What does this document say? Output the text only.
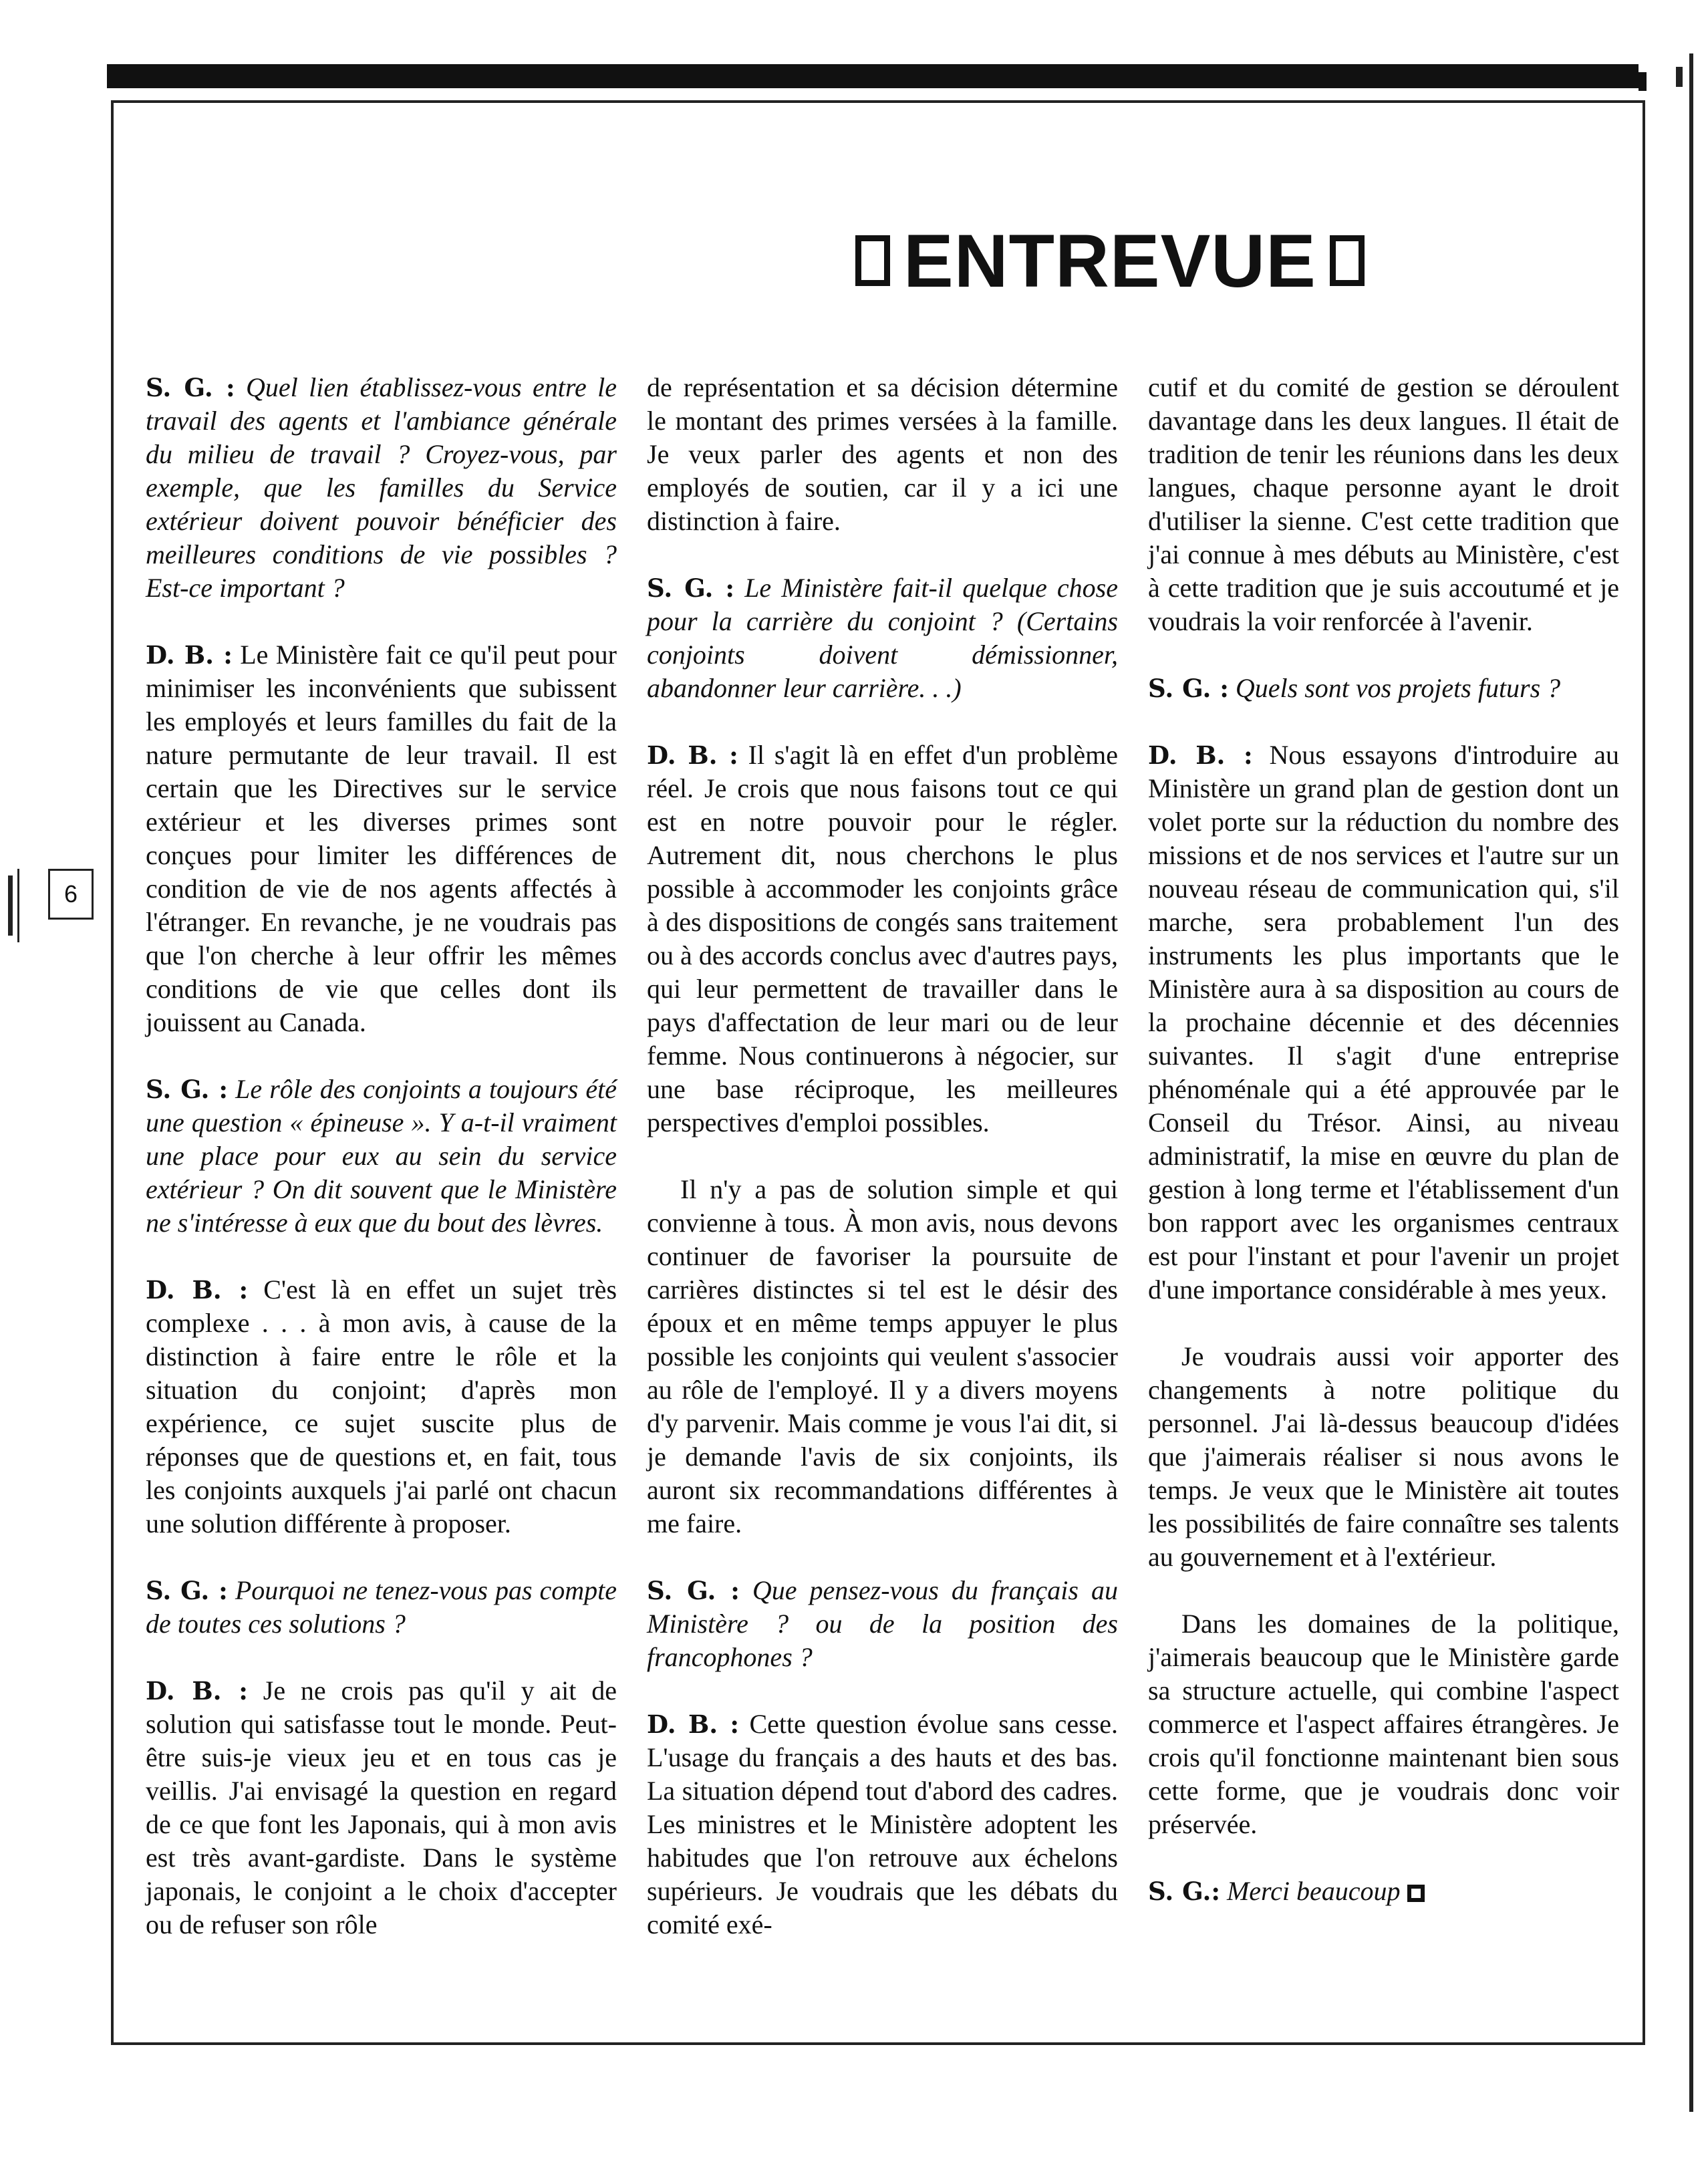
6
ENTREVUE

S. G. : Quel lien établissez-vous entre le travail des agents et l'ambiance générale du milieu de travail ? Croyez-vous, par exemple, que les familles du Service extérieur doivent pouvoir bénéficier des meilleures conditions de vie possibles ? Est-ce important ?

D. B. : Le Ministère fait ce qu'il peut pour minimiser les inconvénients que subissent les employés et leurs familles du fait de la nature permutante de leur travail. Il est certain que les Directives sur le service extérieur et les diverses primes sont conçues pour limiter les différences de condition de vie de nos agents affectés à l'étranger. En revanche, je ne voudrais pas que l'on cherche à leur offrir les mêmes conditions de vie que celles dont ils jouissent au Canada.

S. G. : Le rôle des conjoints a toujours été une question « épineuse ». Y a-t-il vraiment une place pour eux au sein du service extérieur ? On dit souvent que le Ministère ne s'intéresse à eux que du bout des lèvres.

D. B. : C'est là en effet un sujet très complexe . . . à mon avis, à cause de la distinction à faire entre le rôle et la situation du conjoint; d'après mon expérience, ce sujet suscite plus de réponses que de questions et, en fait, tous les conjoints auxquels j'ai parlé ont chacun une solution différente à proposer.

S. G. : Pourquoi ne tenez-vous pas compte de toutes ces solutions ?

D. B. : Je ne crois pas qu'il y ait de solution qui satisfasse tout le monde. Peut-être suis-je vieux jeu et en tous cas je veillis. J'ai envisagé la question en regard de ce que font les Japonais, qui à mon avis est très avant-gardiste. Dans le système japonais, le conjoint a le choix d'accepter ou de refuser son rôle

de représentation et sa décision détermine le montant des primes versées à la famille. Je veux parler des agents et non des employés de soutien, car il y a ici une distinction à faire.

S. G. : Le Ministère fait-il quelque chose pour la carrière du conjoint ? (Certains conjoints doivent démissionner, abandonner leur carrière. . .)

D. B. : Il s'agit là en effet d'un problème réel. Je crois que nous faisons tout ce qui est en notre pouvoir pour le régler. Autrement dit, nous cherchons le plus possible à accommoder les conjoints grâce à des dispositions de congés sans traitement ou à des accords conclus avec d'autres pays, qui leur permettent de travailler dans le pays d'affectation de leur mari ou de leur femme. Nous continuerons à négocier, sur une base réciproque, les meilleures perspectives d'emploi possibles.

Il n'y a pas de solution simple et qui convienne à tous. À mon avis, nous devons continuer de favoriser la poursuite de carrières distinctes si tel est le désir des époux et en même temps appuyer le plus possible les conjoints qui veulent s'associer au rôle de l'employé. Il y a divers moyens d'y parvenir. Mais comme je vous l'ai dit, si je demande l'avis de six conjoints, ils auront six recommandations différentes à me faire.

S. G. : Que pensez-vous du français au Ministère ? ou de la position des francophones ?

D. B. : Cette question évolue sans cesse. L'usage du français a des hauts et des bas. La situation dépend tout d'abord des cadres. Les ministres et le Ministère adoptent les habitudes que l'on retrouve aux échelons supérieurs. Je voudrais que les débats du comité exé-

cutif et du comité de gestion se déroulent davantage dans les deux langues. Il était de tradition de tenir les réunions dans les deux langues, chaque personne ayant le droit d'utiliser la sienne. C'est cette tradition que j'ai connue à mes débuts au Ministère, c'est à cette tradition que je suis accoutumé et je voudrais la voir renforcée à l'avenir.

S. G. : Quels sont vos projets futurs ?

D. B. : Nous essayons d'introduire au Ministère un grand plan de gestion dont un volet porte sur la réduction du nombre des missions et de nos services et l'autre sur un nouveau réseau de communication qui, s'il marche, sera probablement l'un des instruments les plus importants que le Ministère aura à sa disposition au cours de la prochaine décennie et des décennies suivantes. Il s'agit d'une entreprise phénoménale qui a été approuvée par le Conseil du Trésor. Ainsi, au niveau administratif, la mise en œuvre du plan de gestion à long terme et l'établissement d'un bon rapport avec les organismes centraux est pour l'instant et pour l'avenir un projet d'une importance considérable à mes yeux.

Je voudrais aussi voir apporter des changements à notre politique du personnel. J'ai là-dessus beaucoup d'idées que j'aimerais réaliser si nous avons le temps. Je veux que le Ministère ait toutes les possibilités de faire connaître ses talents au gouvernement et à l'extérieur.

Dans les domaines de la politique, j'aimerais beaucoup que le Ministère garde sa structure actuelle, qui combine l'aspect commerce et l'aspect affaires étrangères. Je crois qu'il fonctionne maintenant bien sous cette forme, que je voudrais donc voir préservée.

S. G.: Merci beaucoup
